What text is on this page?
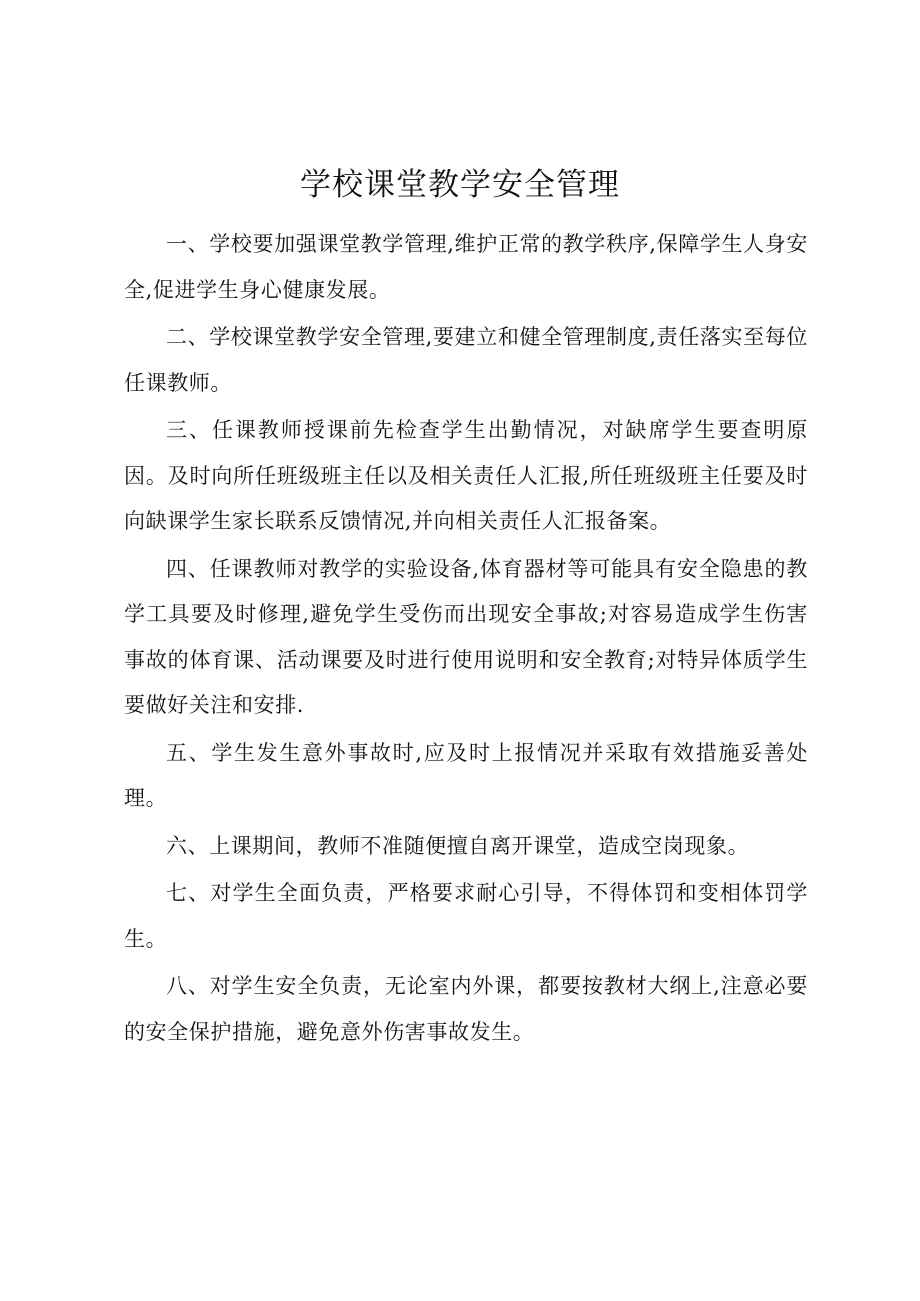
学校课堂教学安全管理

一、学校要加强课堂教学管理,维护正常的教学秩序,保障学生人身安全,促进学生身心健康发展。

二、学校课堂教学安全管理,要建立和健全管理制度,责任落实至每位任课教师。

三、任课教师授课前先检查学生出勤情况，对缺席学生要查明原因。及时向所任班级班主任以及相关责任人汇报,所任班级班主任要及时向缺课学生家长联系反馈情况,并向相关责任人汇报备案。

四、任课教师对教学的实验设备,体育器材等可能具有安全隐患的教学工具要及时修理,避免学生受伤而出现安全事故;对容易造成学生伤害事故的体育课、活动课要及时进行使用说明和安全教育;对特异体质学生要做好关注和安排.

五、学生发生意外事故时,应及时上报情况并采取有效措施妥善处理。

六、上课期间，教师不准随便擅自离开课堂，造成空岗现象。

七、对学生全面负责，严格要求耐心引导，不得体罚和变相体罚学生。

八、对学生安全负责，无论室内外课，都要按教材大纲上,注意必要的安全保护措施，避免意外伤害事故发生。
